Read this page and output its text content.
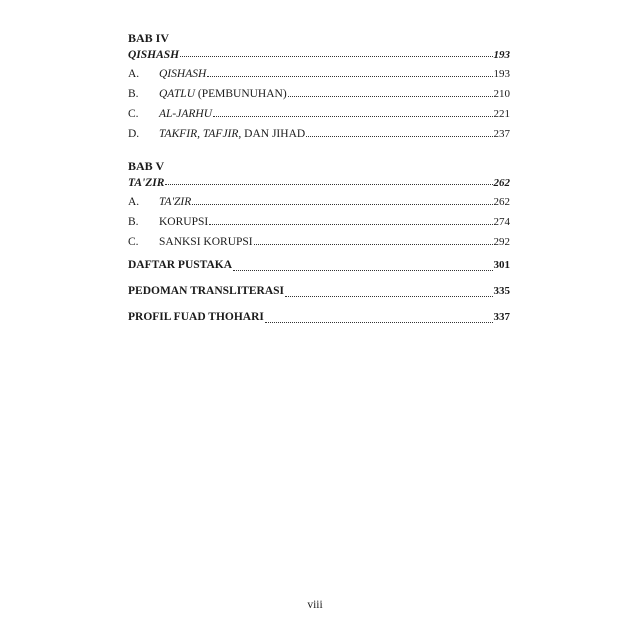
BAB IV

QISHASH	193
A.	QISHASH	193
B.	QATLU (PEMBUNUHAN)	210
C.	AL-JARHU	221
D.	TAKFIR, TAFJIR, DAN JIHAD	237

BAB V

TA'ZIR	262
A.	TA'ZIR	262
B.	KORUPSI	274
C.	SANKSI KORUPSI	292
DAFTAR PUSTAKA	301
PEDOMAN TRANSLITERASI	335
PROFIL FUAD THOHARI	337
viii
